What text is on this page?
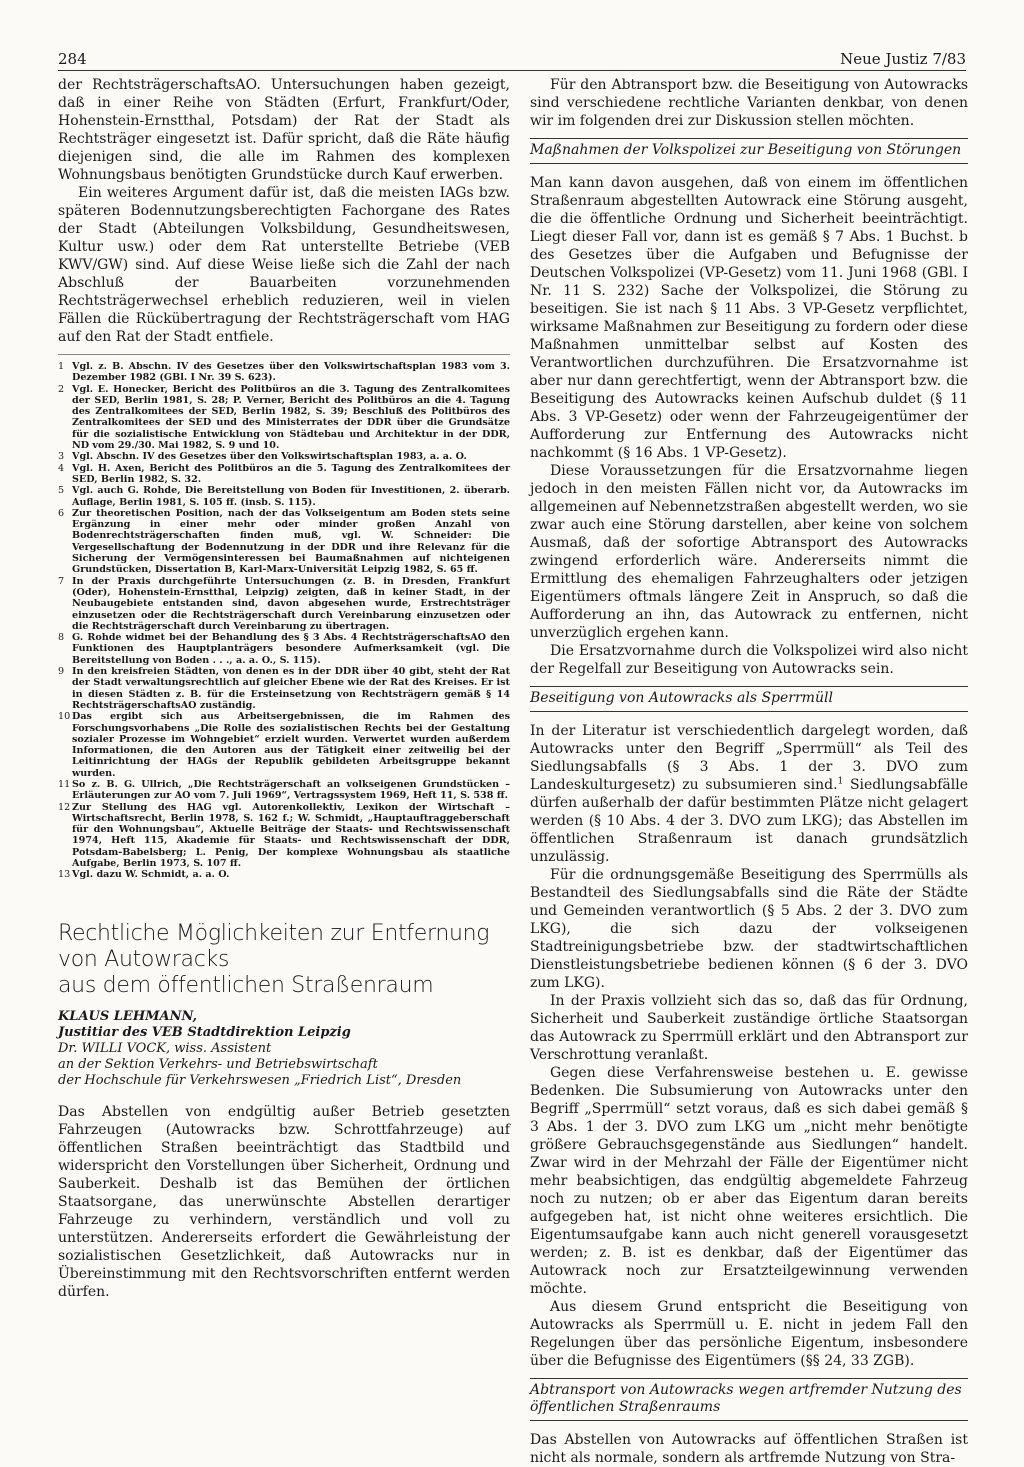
284	Neue Justiz 7/83

der RechtsträgerschaftsAO. Untersuchungen haben gezeigt, daß in einer Reihe von Städten (Erfurt, Frankfurt/Oder, Hohenstein-Ernstthal, Potsdam) der Rat der Stadt als Rechtsträger eingesetzt ist. Dafür spricht, daß die Räte häufig diejenigen sind, die alle im Rahmen des komplexen Wohnungsbaus benötigten Grundstücke durch Kauf erwerben.

Ein weiteres Argument dafür ist, daß die meisten IAGs bzw. späteren Bodennutzungsberechtigten Fachorgane des Rates der Stadt (Abteilungen Volksbildung, Gesundheitswesen, Kultur usw.) oder dem Rat unterstellte Betriebe (VEB KWV/GW) sind. Auf diese Weise ließe sich die Zahl der nach Abschluß der Bauarbeiten vorzunehmenden Rechtsträgerwechsel erheblich reduzieren, weil in vielen Fällen die Rückübertragung der Rechtsträgerschaft vom HAG auf den Rat der Stadt entfiele.

1 Vgl. z. B. Abschn. IV des Gesetzes über den Volkswirtschaftsplan 1983 vom 3. Dezember 1982 (GBl. I Nr. 39 S. 623).
2 Vgl. E. Honecker, Bericht des Politbüros an die 3. Tagung des Zentralkomitees der SED, Berlin 1981, S. 28; P. Verner, Bericht des Politbüros an die 4. Tagung des Zentralkomitees der SED, Berlin 1982, S. 39; Beschluß des Politbüros des Zentralkomitees der SED und des Ministerrates der DDR über die Grundsätze für die sozialistische Entwicklung von Städtebau und Architektur in der DDR, ND vom 29./30. Mai 1982, S. 9 und 10.
3 Vgl. Abschn. IV des Gesetzes über den Volkswirtschaftsplan 1983, a. a. O.
4 Vgl. H. Axen, Bericht des Politbüros an die 5. Tagung des Zentralkomitees der SED, Berlin 1982, S. 32.
5 Vgl. auch G. Rohde, Die Bereitstellung von Boden für Investitionen, 2. überarb. Auflage, Berlin 1981, S. 105 ff. (insb. S. 115).
6 Zur theoretischen Position, nach der das Volkseigentum am Boden stets seine Ergänzung in einer mehr oder minder großen Anzahl von Bodenrechtsträgerschaften finden muß, vgl. W. Schneider: Die Vergesellschaftung der Bodennutzung in der DDR und ihre Relevanz für die Sicherung der Vermögensinteressen bei Baumaßnahmen auf nichteigenen Grundstücken, Dissertation B, Karl-Marx-Universität Leipzig 1982, S. 65 ff.
7 In der Praxis durchgeführte Untersuchungen (z. B. in Dresden, Frankfurt (Oder), Hohenstein-Ernstthal, Leipzig) zeigten, daß in keiner Stadt, in der Neubaugebiete entstanden sind, davon abgesehen wurde, Erstrechtsträger einzusetzen oder die Rechtsträgerschaft durch Vereinbarung einzusetzen oder die Rechtsträgerschaft durch Vereinbarung zu übertragen.
8 G. Rohde widmet bei der Behandlung des § 3 Abs. 4 RechtsträgerschaftsAO den Funktionen des Hauptplanträgers besondere Aufmerksamkeit (vgl. Die Bereitstellung von Boden . . ., a. a. O., S. 115).
9 In den kreisfreien Städten, von denen es in der DDR über 40 gibt, steht der Rat der Stadt verwaltungsrechtlich auf gleicher Ebene wie der Rat des Kreises. Er ist in diesen Städten z. B. für die Ersteinsetzung von Rechtsträgern gemäß § 14 RechtsträgerschaftsAO zuständig.
10 Das ergibt sich aus Arbeitsergebnissen, die im Rahmen des Forschungsvorhabens „Die Rolle des sozialistischen Rechts bei der Gestaltung sozialer Prozesse im Wohngebiet“ erzielt wurden. Verwertet wurden außerdem Informationen, die den Autoren aus der Tätigkeit einer zeitweilig bei der Leitinrichtung der HAGs der Republik gebildeten Arbeitsgruppe bekannt wurden.
11 So z. B. G. Ullrich, „Die Rechtsträgerschaft an volkseigenen Grundstücken – Erläuterungen zur AO vom 7. Juli 1969“, Vertragssystem 1969, Heft 11, S. 538 ff.
12 Zur Stellung des HAG vgl. Autorenkollektiv, Lexikon der Wirtschaft – Wirtschaftsrecht, Berlin 1978, S. 162 f.; W. Schmidt, „Hauptauftraggeberschaft für den Wohnungsbau“, Aktuelle Beiträge der Staats- und Rechtswissenschaft 1974, Heft 115, Akademie für Staats- und Rechtswissenschaft der DDR, Potsdam-Babelsberg; L. Penig, Der komplexe Wohnungsbau als staatliche Aufgabe, Berlin 1973, S. 107 ff.
13 Vgl. dazu W. Schmidt, a. a. O.
Rechtliche Möglichkeiten zur Entfernung
von Autowracks
aus dem öffentlichen Straßenraum
KLAUS LEHMANN,
Justitiar des VEB Stadtdirektion Leipzig
Dr. WILLI VOCK, wiss. Assistent
an der Sektion Verkehrs- und Betriebswirtschaft
der Hochschule für Verkehrswesen „Friedrich List“, Dresden

Das Abstellen von endgültig außer Betrieb gesetzten Fahrzeugen (Autowracks bzw. Schrottfahrzeuge) auf öffentlichen Straßen beeinträchtigt das Stadtbild und widerspricht den Vorstellungen über Sicherheit, Ordnung und Sauberkeit. Deshalb ist das Bemühen der örtlichen Staatsorgane, das unerwünschte Abstellen derartiger Fahrzeuge zu verhindern, verständlich und voll zu unterstützen. Andererseits erfordert die Gewährleistung der sozialistischen Gesetzlichkeit, daß Autowracks nur in Übereinstimmung mit den Rechtsvorschriften entfernt werden dürfen.

Für den Abtransport bzw. die Beseitigung von Autowracks sind verschiedene rechtliche Varianten denkbar, von denen wir im folgenden drei zur Diskussion stellen möchten.

Maßnahmen der Volkspolizei zur Beseitigung von Störungen

Man kann davon ausgehen, daß von einem im öffentlichen Straßenraum abgestellten Autowrack eine Störung ausgeht, die die öffentliche Ordnung und Sicherheit beeinträchtigt. Liegt dieser Fall vor, dann ist es gemäß § 7 Abs. 1 Buchst. b des Gesetzes über die Aufgaben und Befugnisse der Deutschen Volkspolizei (VP-Gesetz) vom 11. Juni 1968 (GBl. I Nr. 11 S. 232) Sache der Volkspolizei, die Störung zu beseitigen. Sie ist nach § 11 Abs. 3 VP-Gesetz verpflichtet, wirksame Maßnahmen zur Beseitigung zu fordern oder diese Maßnahmen unmittelbar selbst auf Kosten des Verantwortlichen durchzuführen. Die Ersatzvornahme ist aber nur dann gerechtfertigt, wenn der Abtransport bzw. die Beseitigung des Autowracks keinen Aufschub duldet (§ 11 Abs. 3 VP-Gesetz) oder wenn der Fahrzeugeigentümer der Aufforderung zur Entfernung des Autowracks nicht nachkommt (§ 16 Abs. 1 VP-Gesetz).

Diese Voraussetzungen für die Ersatzvornahme liegen jedoch in den meisten Fällen nicht vor, da Autowracks im allgemeinen auf Nebennetzstraßen abgestellt werden, wo sie zwar auch eine Störung darstellen, aber keine von solchem Ausmaß, daß der sofortige Abtransport des Autowracks zwingend erforderlich wäre. Andererseits nimmt die Ermittlung des ehemaligen Fahrzeughalters oder jetzigen Eigentümers oftmals längere Zeit in Anspruch, so daß die Aufforderung an ihn, das Autowrack zu entfernen, nicht unverzüglich ergehen kann.

Die Ersatzvornahme durch die Volkspolizei wird also nicht der Regelfall zur Beseitigung von Autowracks sein.

Beseitigung von Autowracks als Sperrmüll

In der Literatur ist verschiedentlich dargelegt worden, daß Autowracks unter den Begriff „Sperrmüll“ als Teil des Siedlungsabfalls (§ 3 Abs. 1 der 3. DVO zum Landeskulturgesetz) zu subsumieren sind.$^1$ Siedlungsabfälle dürfen außerhalb der dafür bestimmten Plätze nicht gelagert werden (§ 10 Abs. 4 der 3. DVO zum LKG); das Abstellen im öffentlichen Straßenraum ist danach grundsätzlich unzulässig.

Für die ordnungsgemäße Beseitigung des Sperrmülls als Bestandteil des Siedlungsabfalls sind die Räte der Städte und Gemeinden verantwortlich (§ 5 Abs. 2 der 3. DVO zum LKG), die sich dazu der volkseigenen Stadtreinigungsbetriebe bzw. der stadtwirtschaftlichen Dienstleistungsbetriebe bedienen können (§ 6 der 3. DVO zum LKG).

In der Praxis vollzieht sich das so, daß das für Ordnung, Sicherheit und Sauberkeit zuständige örtliche Staatsorgan das Autowrack zu Sperrmüll erklärt und den Abtransport zur Verschrottung veranlaßt.

Gegen diese Verfahrensweise bestehen u. E. gewisse Bedenken. Die Subsumierung von Autowracks unter den Begriff „Sperrmüll“ setzt voraus, daß es sich dabei gemäß § 3 Abs. 1 der 3. DVO zum LKG um „nicht mehr benötigte größere Gebrauchsgegenstände aus Siedlungen“ handelt. Zwar wird in der Mehrzahl der Fälle der Eigentümer nicht mehr beabsichtigen, das endgültig abgemeldete Fahrzeug noch zu nutzen; ob er aber das Eigentum daran bereits aufgegeben hat, ist nicht ohne weiteres ersichtlich. Die Eigentumsaufgabe kann auch nicht generell vorausgesetzt werden; z. B. ist es denkbar, daß der Eigentümer das Autowrack noch zur Ersatzteilgewinnung verwenden möchte.

Aus diesem Grund entspricht die Beseitigung von Autowracks als Sperrmüll u. E. nicht in jedem Fall den Regelungen über das persönliche Eigentum, insbesondere über die Befugnisse des Eigentümers (§§ 24, 33 ZGB).

Abtransport von Autowracks wegen artfremder Nutzung des öffentlichen Straßenraums

Das Abstellen von Autowracks auf öffentlichen Straßen ist nicht als normale, sondern als artfremde Nutzung von Stra-
